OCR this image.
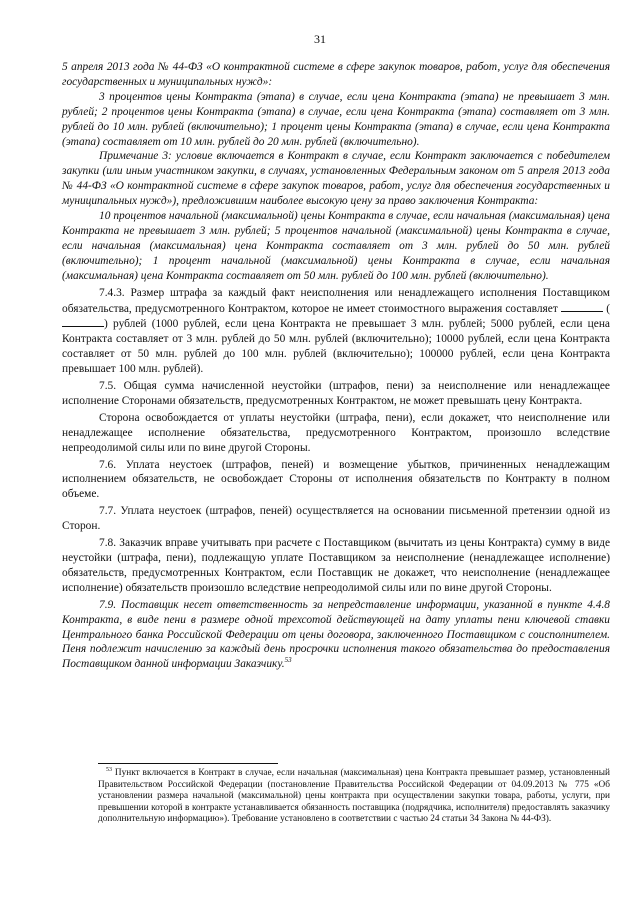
31

5 апреля 2013 года № 44-ФЗ «О контрактной системе в сфере закупок товаров, работ, услуг для обеспечения государственных и муниципальных нужд»:

3 процентов цены Контракта (этапа) в случае, если цена Контракта (этапа) не превышает 3 млн. рублей; 2 процентов цены Контракта (этапа) в случае, если цена Контракта (этапа) составляет от 3 млн. рублей до 10 млн. рублей (включительно); 1 процент цены Контракта (этапа) в случае, если цена Контракта (этапа) составляет от 10 млн. рублей до 20 млн. рублей (включительно).

Примечание 3: условие включается в Контракт в случае, если Контракт заключается с победителем закупки (или иным участником закупки, в случаях, установленных Федеральным законом от 5 апреля 2013 года № 44-ФЗ «О контрактной системе в сфере закупок товаров, работ, услуг для обеспечения государственных и муниципальных нужд»), предложившим наиболее высокую цену за право заключения Контракта:

10 процентов начальной (максимальной) цены Контракта в случае, если начальная (максимальная) цена Контракта не превышает 3 млн. рублей; 5 процентов начальной (максимальной) цены Контракта в случае, если начальная (максимальная) цена Контракта составляет от 3 млн. рублей до 50 млн. рублей (включительно); 1 процент начальной (максимальной) цены Контракта в случае, если начальная (максимальная) цена Контракта составляет от 50 млн. рублей до 100 млн. рублей (включительно).

7.4.3. Размер штрафа за каждый факт неисполнения или ненадлежащего исполнения Поставщиком обязательства, предусмотренного Контрактом, которое не имеет стоимостного выражения составляет	() рублей (1000 рублей, если цена Контракта не превышает 3 млн. рублей; 5000 рублей, если цена Контракта составляет от 3 млн. рублей до 50 млн. рублей (включительно); 10000 рублей, если цена Контракта составляет от 50 млн. рублей до 100 млн. рублей (включительно); 100000 рублей, если цена Контракта превышает 100 млн. рублей).

7.5. Общая сумма начисленной неустойки (штрафов, пени) за неисполнение или ненадлежащее исполнение Сторонами обязательств, предусмотренных Контрактом, не может превышать цену Контракта.

Сторона освобождается от уплаты неустойки (штрафа, пени), если докажет, что неисполнение или ненадлежащее исполнение обязательства, предусмотренного Контрактом, произошло вследствие непреодолимой силы или по вине другой Стороны.

7.6. Уплата неустоек (штрафов, пеней) и возмещение убытков, причиненных ненадлежащим исполнением обязательств, не освобождает Стороны от исполнения обязательств по Контракту в полном объеме.

7.7. Уплата неустоек (штрафов, пеней) осуществляется на основании письменной претензии одной из Сторон.

7.8. Заказчик вправе учитывать при расчете с Поставщиком (вычитать из цены Контракта) сумму в виде неустойки (штрафа, пени), подлежащую уплате Поставщиком за неисполнение (ненадлежащее исполнение) обязательств, предусмотренных Контрактом, если Поставщик не докажет, что неисполнение (ненадлежащее исполнение) обязательств произошло вследствие непреодолимой силы или по вине другой Стороны.

7.9. Поставщик несет ответственность за непредставление информации, указанной в пункте 4.4.8 Контракта, в виде пени в размере одной трехсотой действующей на дату уплаты пени ключевой ставки Центрального банка Российской Федерации от цены договора, заключенного Поставщиком с соисполнителем. Пеня подлежит начислению за каждый день просрочки исполнения такого обязательства до предоставления Поставщиком данной информации Заказчику.$^{53}$

$^{53}$ Пункт включается в Контракт в случае, если начальная (максимальная) цена Контракта превышает размер, установленный Правительством Российской Федерации (постановление Правительства Российской Федерации от 04.09.2013 № 775 «Об установлении размера начальной (максимальной) цены контракта при осуществлении закупки товара, работы, услуги, при превышении которой в контракте устанавливается обязанность поставщика (подрядчика, исполнителя) предоставлять заказчику дополнительную информацию»). Требование установлено в соответствии с частью 24 статьи 34 Закона № 44-ФЗ).
